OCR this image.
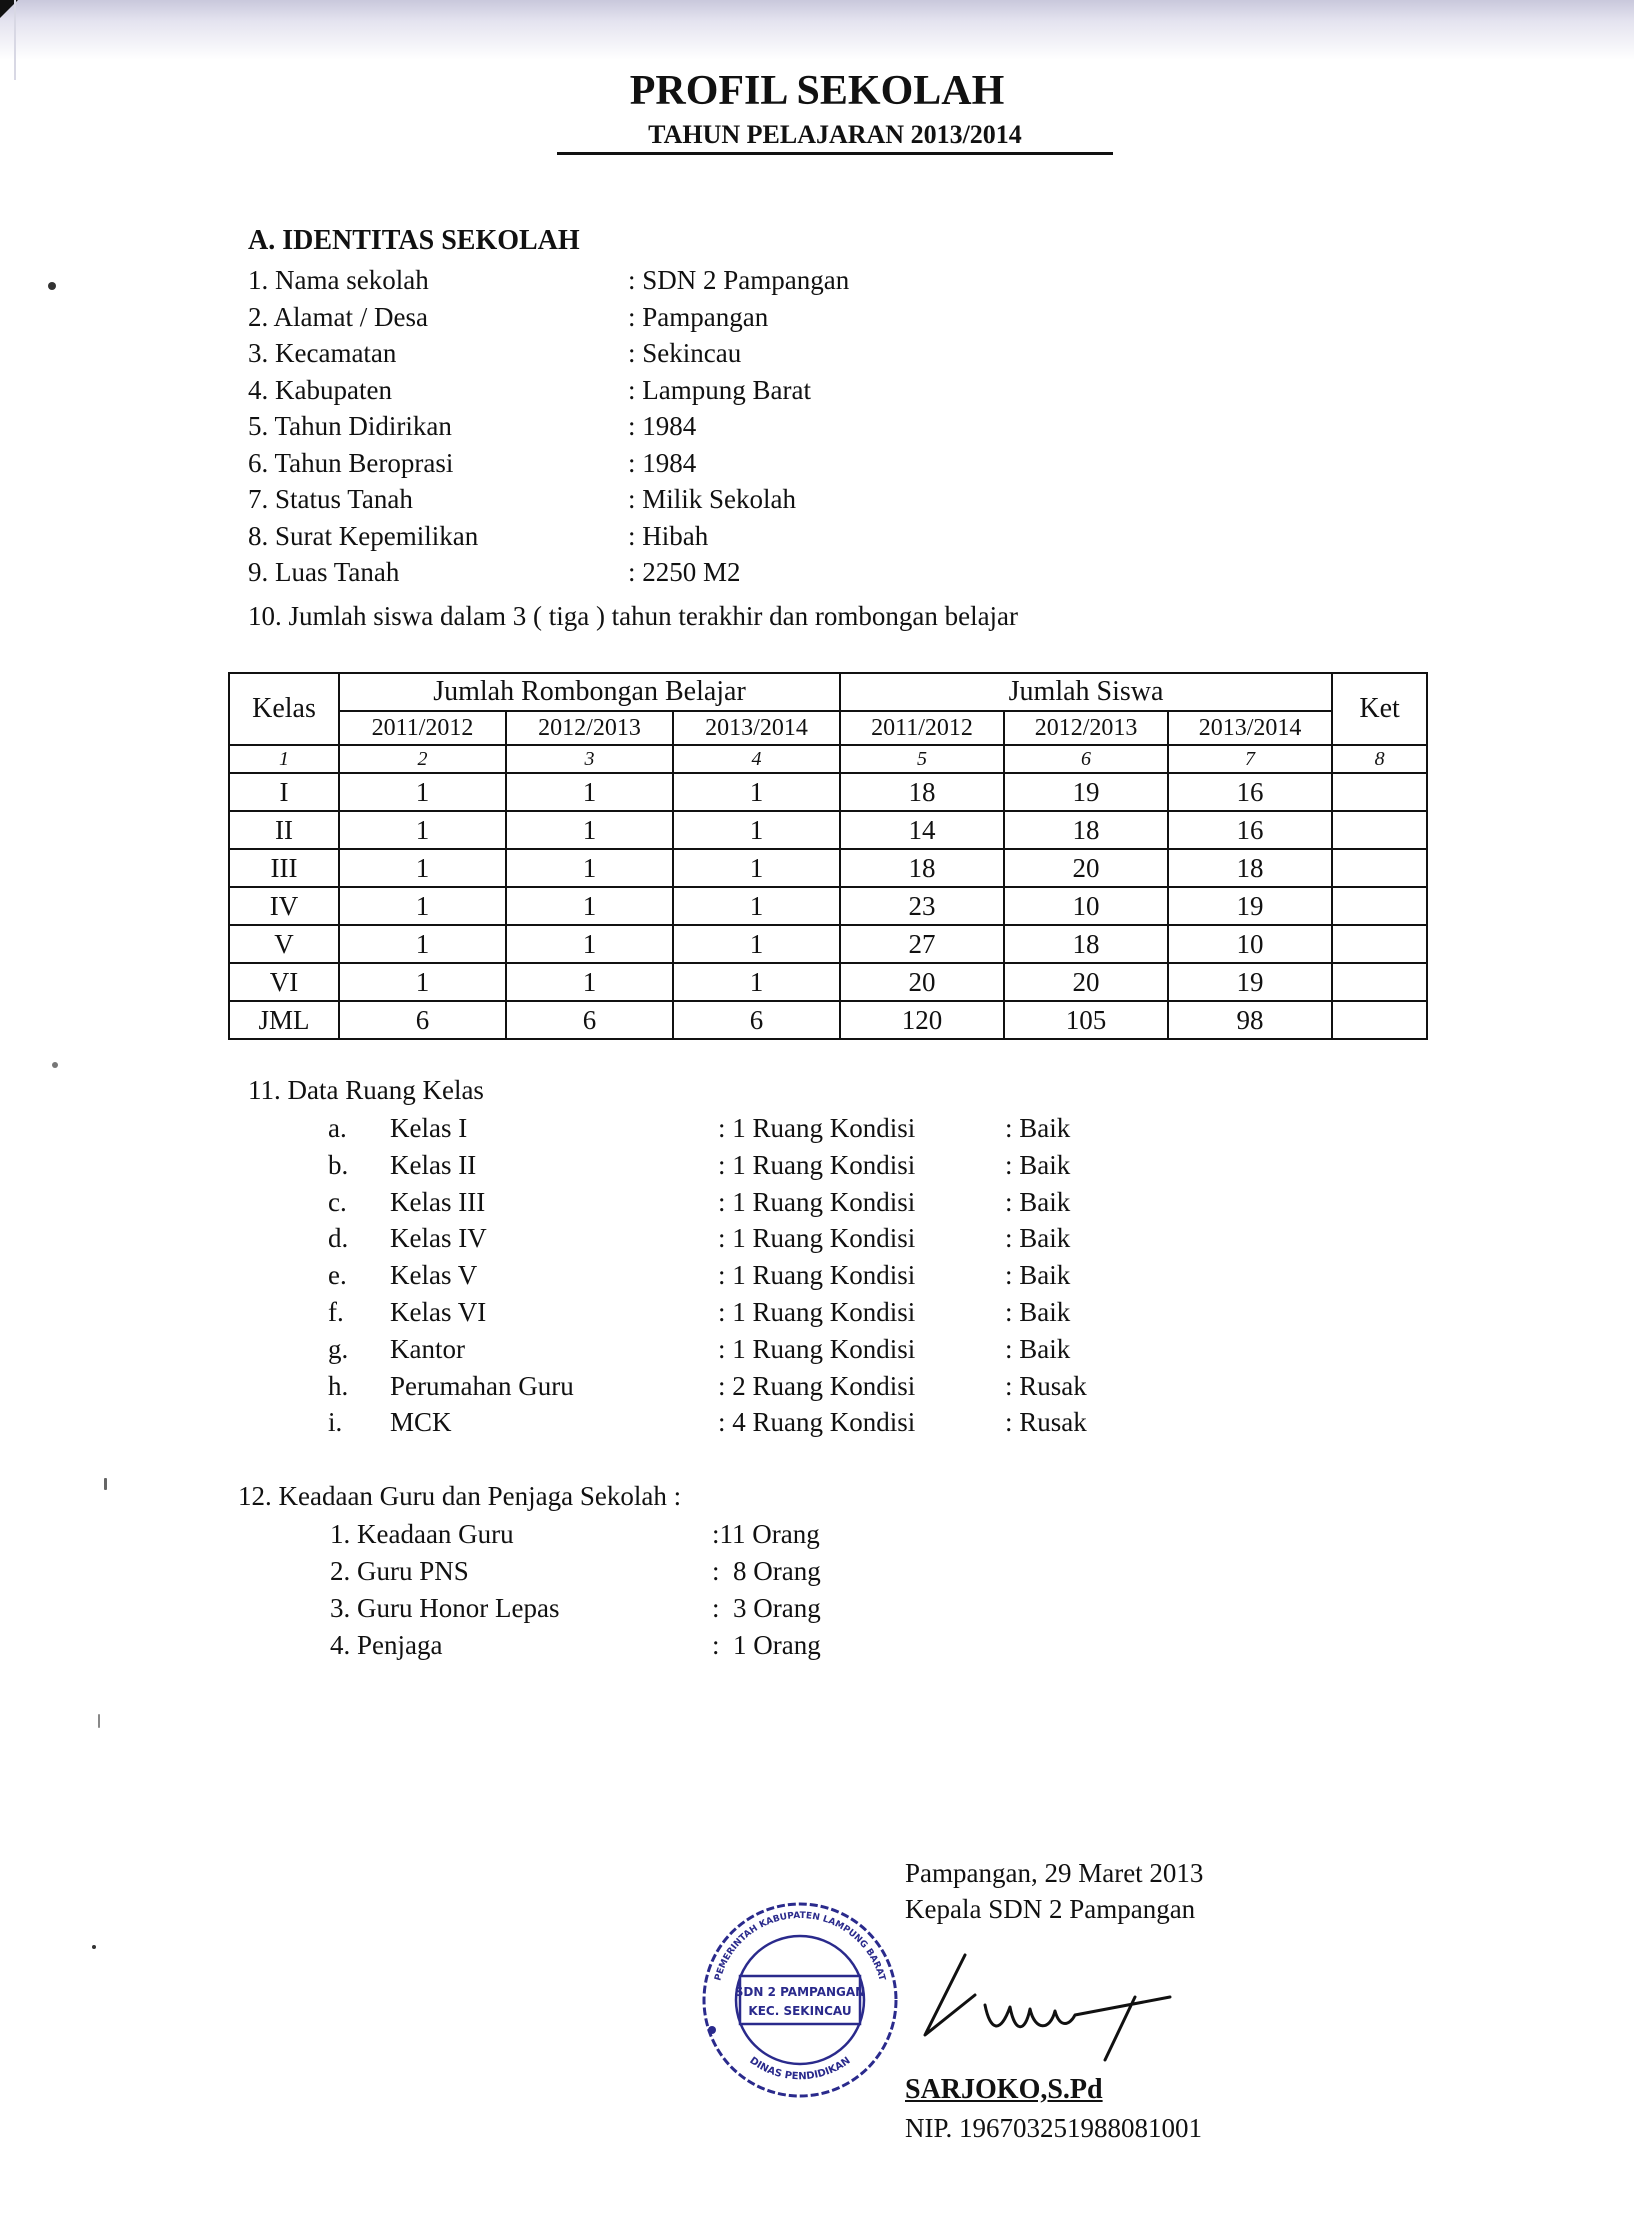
PROFIL SEKOLAH
TAHUN PELAJARAN 2013/2014
A. IDENTITAS SEKOLAH
1. Nama sekolah	: SDN 2 Pampangan
2. Alamat / Desa	: Pampangan
3. Kecamatan	: Sekincau
4. Kabupaten	: Lampung Barat
5. Tahun Didirikan	: 1984
6. Tahun Beroprasi	: 1984
7. Status Tanah	: Milik Sekolah
8. Surat Kepemilikan	: Hibah
9. Luas Tanah	: 2250 M2
10. Jumlah siswa dalam 3 ( tiga ) tahun terakhir dan rombongan belajar
Kelas	Jumlah Rombongan Belajar			Jumlah Siswa			Ket
	2011/2012	2012/2013	2013/2014	2011/2012	2012/2013	2013/2014	
1	2	3	4	5	6	7	8
I	1	1	1	18	19	16	
II	1	1	1	14	18	16	
III	1	1	1	18	20	18	
IV	1	1	1	23	10	19	
V	1	1	1	27	18	10	
VI	1	1	1	20	20	19	
JML	6	6	6	120	105	98	
11. Data Ruang Kelas
a.	Kelas I	: 1 Ruang Kondisi	: Baik
b.	Kelas II	: 1 Ruang Kondisi	: Baik
c.	Kelas III	: 1 Ruang Kondisi	: Baik
d.	Kelas IV	: 1 Ruang Kondisi	: Baik
e.	Kelas V	: 1 Ruang Kondisi	: Baik
f.	Kelas VI	: 1 Ruang Kondisi	: Baik
g.	Kantor	: 1 Ruang Kondisi	: Baik
h.	Perumahan Guru	: 2 Ruang Kondisi	: Rusak
i.	MCK	: 4 Ruang Kondisi	: Rusak
12. Keadaan Guru dan Penjaga Sekolah :
1. Keadaan Guru	:11 Orang
2. Guru PNS	:  8 Orang
3. Guru Honor Lepas	:  3 Orang
4. Penjaga	:  1 Orang
PEMERINTAH KABUPATEN LAMPUNG BARAT
DINAS PENDIDIKAN
SDN 2 PAMPANGAN
KEC. SEKINCAU
Pampangan, 29 Maret 2013
Kepala SDN 2 Pampangan
SARJOKO,S.Pd
NIP. 196703251988081001
